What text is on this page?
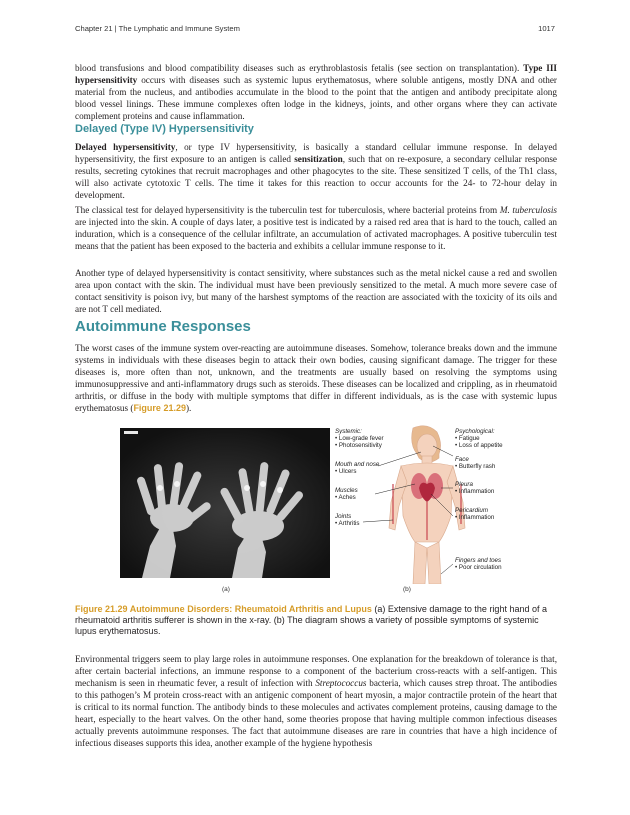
Chapter 21 | The Lymphatic and Immune System	1017

blood transfusions and blood compatibility diseases such as erythroblastosis fetalis (see section on transplantation). Type III hypersensitivity occurs with diseases such as systemic lupus erythematosus, where soluble antigens, mostly DNA and other material from the nucleus, and antibodies accumulate in the blood to the point that the antigen and antibody precipitate along blood vessel linings. These immune complexes often lodge in the kidneys, joints, and other organs where they can activate complement proteins and cause inflammation.

Delayed (Type IV) Hypersensitivity

Delayed hypersensitivity, or type IV hypersensitivity, is basically a standard cellular immune response. In delayed hypersensitivity, the first exposure to an antigen is called sensitization, such that on re-exposure, a secondary cellular response results, secreting cytokines that recruit macrophages and other phagocytes to the site. These sensitized T cells, of the Th1 class, will also activate cytotoxic T cells. The time it takes for this reaction to occur accounts for the 24- to 72-hour delay in development.

The classical test for delayed hypersensitivity is the tuberculin test for tuberculosis, where bacterial proteins from M. tuberculosis are injected into the skin. A couple of days later, a positive test is indicated by a raised red area that is hard to the touch, called an induration, which is a consequence of the cellular infiltrate, an accumulation of activated macrophages. A positive tuberculin test means that the patient has been exposed to the bacteria and exhibits a cellular immune response to it.

Another type of delayed hypersensitivity is contact sensitivity, where substances such as the metal nickel cause a red and swollen area upon contact with the skin. The individual must have been previously sensitized to the metal. A much more severe case of contact sensitivity is poison ivy, but many of the harshest symptoms of the reaction are associated with the toxicity of its oils and are not T cell mediated.

Autoimmune Responses

The worst cases of the immune system over-reacting are autoimmune diseases. Somehow, tolerance breaks down and the immune systems in individuals with these diseases begin to attack their own bodies, causing significant damage. The trigger for these diseases is, more often than not, unknown, and the treatments are usually based on resolving the symptoms using immunosuppressive and anti-inflammatory drugs such as steroids. These diseases can be localized and crippling, as in rheumatoid arthritis, or diffuse in the body with multiple symptoms that differ in different individuals, as is the case with systemic lupus erythematosus (Figure 21.29).

Systemic:
• Low-grade fever
• Photosensitivity
Mouth and nose
• Ulcers
Muscles
• Aches
Joints
• Arthritis
Psychological:
• Fatigue
• Loss of appetite
Face
• Butterfly rash
Pleura
• Inflammation
Pericardium
• Inflammation
Fingers and toes
• Poor circulation
(a)	(b)
Figure 21.29 Autoimmune Disorders: Rheumatoid Arthritis and Lupus (a) Extensive damage to the right hand of a rheumatoid arthritis sufferer is shown in the x-ray. (b) The diagram shows a variety of possible symptoms of systemic lupus erythematosus.

Environmental triggers seem to play large roles in autoimmune responses. One explanation for the breakdown of tolerance is that, after certain bacterial infections, an immune response to a component of the bacterium cross-reacts with a self-antigen. This mechanism is seen in rheumatic fever, a result of infection with Streptococcus bacteria, which causes strep throat. The antibodies to this pathogen’s M protein cross-react with an antigenic component of heart myosin, a major contractile protein of the heart that is critical to its normal function. The antibody binds to these molecules and activates complement proteins, causing damage to the heart, especially to the heart valves. On the other hand, some theories propose that having multiple common infectious diseases actually prevents autoimmune responses. The fact that autoimmune diseases are rare in countries that have a high incidence of infectious diseases supports this idea, another example of the hygiene hypothesis
